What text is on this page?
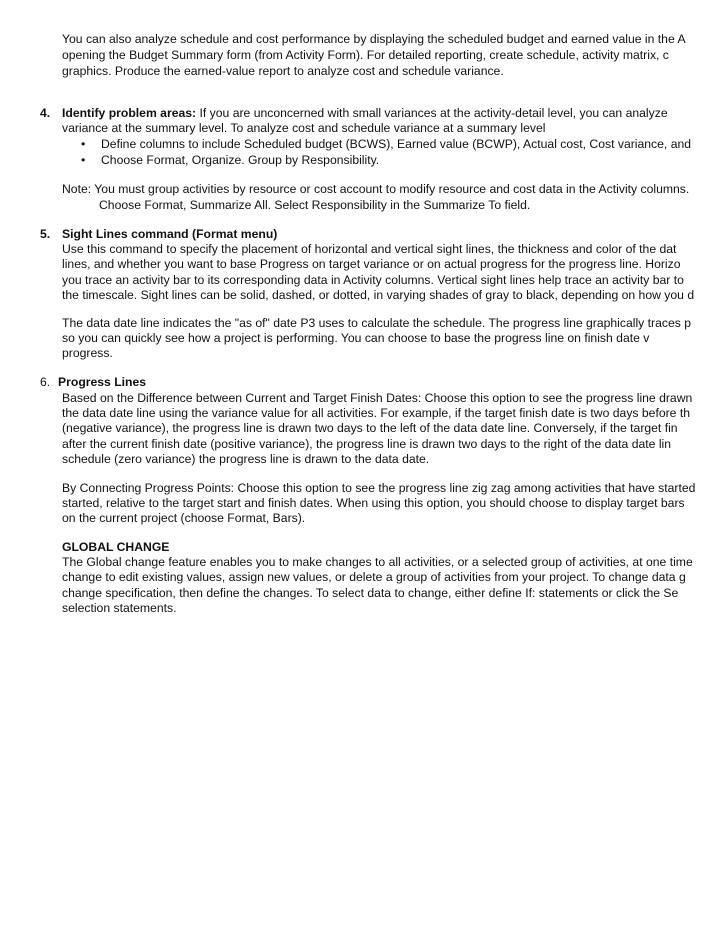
You can also analyze schedule and cost performance by displaying the scheduled budget and earned value in the A
opening the Budget Summary form (from Activity Form). For detailed reporting, create schedule, activity matrix, c
graphics. Produce the earned-value report to analyze cost and schedule variance.
4. Identify problem areas: If you are unconcerned with small variances at the activity-detail level, you can analyze
variance at the summary level. To analyze cost and schedule variance at a summary level
• Define columns to include Scheduled budget (BCWS), Earned value (BCWP), Actual cost, Cost variance, and
• Choose Format, Organize. Group by Responsibility.
Note: You must group activities by resource or cost account to modify resource and cost data in the Activity columns.
Choose Format, Summarize All. Select Responsibility in the Summarize To field.
5. Sight Lines command (Format menu)
Use this command to specify the placement of horizontal and vertical sight lines, the thickness and color of the dat
lines, and whether you want to base Progress on target variance or on actual progress for the progress line. Horizo
you trace an activity bar to its corresponding data in Activity columns. Vertical sight lines help trace an activity bar to
the timescale. Sight lines can be solid, dashed, or dotted, in varying shades of gray to black, depending on how you d
The data date line indicates the "as of" date P3 uses to calculate the schedule. The progress line graphically traces p
so you can quickly see how a project is performing. You can choose to base the progress line on finish date v
progress.
6. Progress Lines
Based on the Difference between Current and Target Finish Dates: Choose this option to see the progress line drawn
the data date line using the variance value for all activities. For example, if the target finish date is two days before th
(negative variance), the progress line is drawn two days to the left of the data date line. Conversely, if the target fin
after the current finish date (positive variance), the progress line is drawn two days to the right of the data date lin
schedule (zero variance) the progress line is drawn to the data date.
By Connecting Progress Points: Choose this option to see the progress line zig zag among activities that have started
started, relative to the target start and finish dates. When using this option, you should choose to display target bars
on the current project (choose Format, Bars).
GLOBAL CHANGE
The Global change feature enables you to make changes to all activities, or a selected group of activities, at one time
change to edit existing values, assign new values, or delete a group of activities from your project. To change data g
change specification, then define the changes. To select data to change, either define If: statements or click the Se
selection statements.
